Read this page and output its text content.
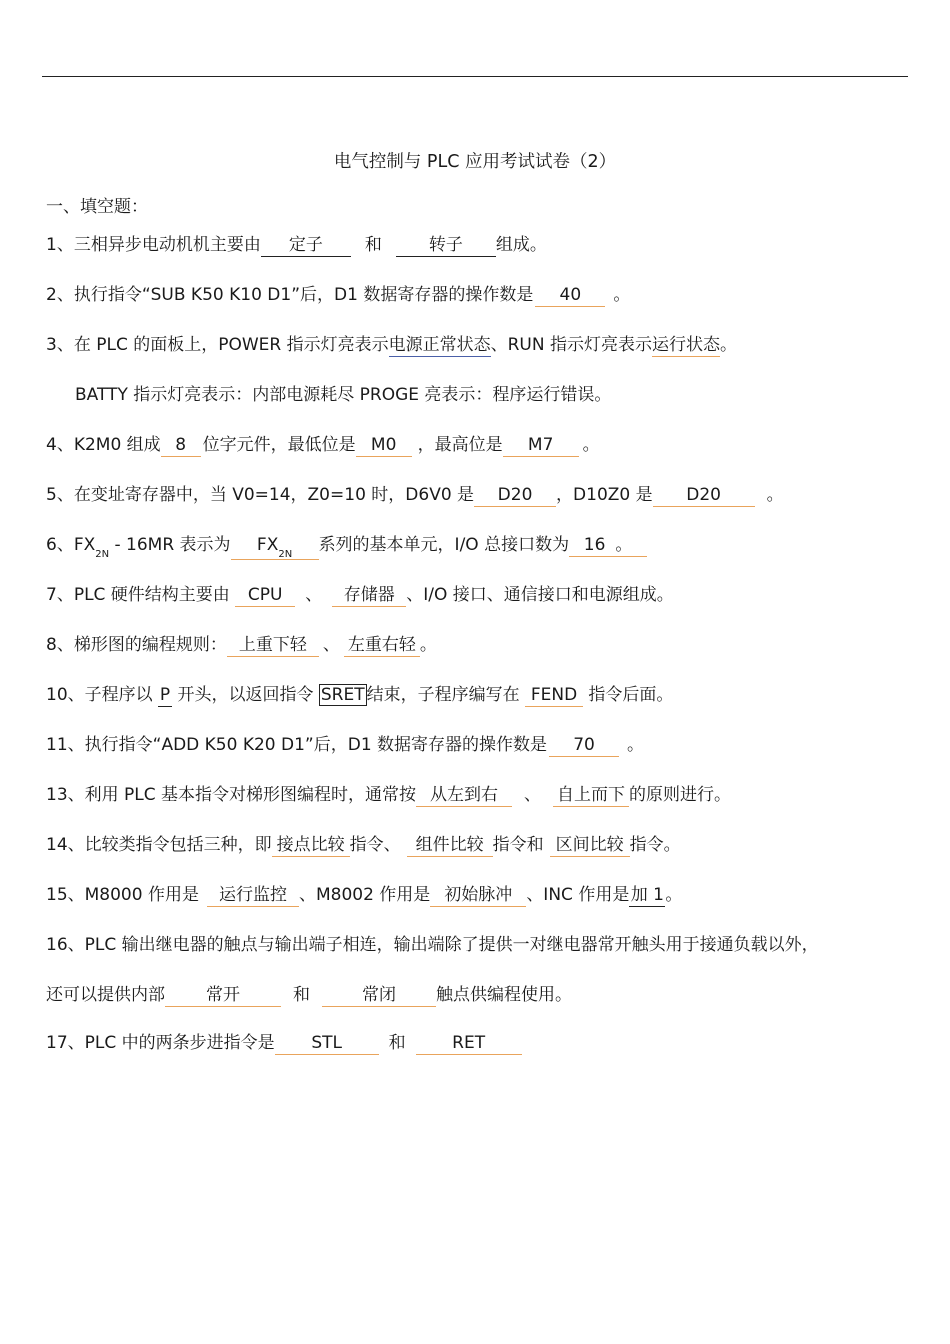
电气控制与 PLC 应用考试试卷（2）
一、填空题：
1、三相异步电动机机主要由 定子 和	转子 组成。
2、执行指令“SUB K50 K10 D1”后，D1 数据寄存器的操作数是 40 。
3、在 PLC 的面板上，POWER 指示灯亮表示电源正常状态、RUN 指示灯亮表示运行状态。
BATTY 指示灯亮表示：内部电源耗尽 PROGE 亮表示：程序运行错误。
4、K2M0 组成 8 位字元件，最低位是 M0 ，最高位是 M7 。
5、在变址寄存器中，当 V0=14，Z0=10 时，D6V0 是 D20 ，D10Z0 是 D20	。
6、$FX_{2N} - 16MR$ 表示为 $FX_{2N}$ 系列的基本单元，I/O 总接口数为 16 。
7、PLC 硬件结构主要由 CPU 、 存储器 、I/O 接口、通信接口和电源组成。
8、梯形图的编程规则： 上重下轻 、 左重右轻 。
10、子程序以 P 开头，以返回指令 SRET 结束，子程序编写在 FEND 指令后面。
11、执行指令“ADD K50 K20 D1”后，D1 数据寄存器的操作数是 70 。
13、利用 PLC 基本指令对梯形图编程时，通常按 从左到右 、 自上而下 的原则进行。
14、比较类指令包括三种，即 接点比较 指令、 组件比较 指令和 区间比较 指令。
15、M8000 作用是 运行监控 、M8002 作用是 初始脉冲 、INC 作用是加 1。
16、PLC 输出继电器的触点与输出端子相连，输出端除了提供一对继电器常开触头用于接通负载以外，
还可以提供内部 常开	和	常闭 触点供编程使用。
17、PLC 中的两条步进指令是 STL	和	RET
